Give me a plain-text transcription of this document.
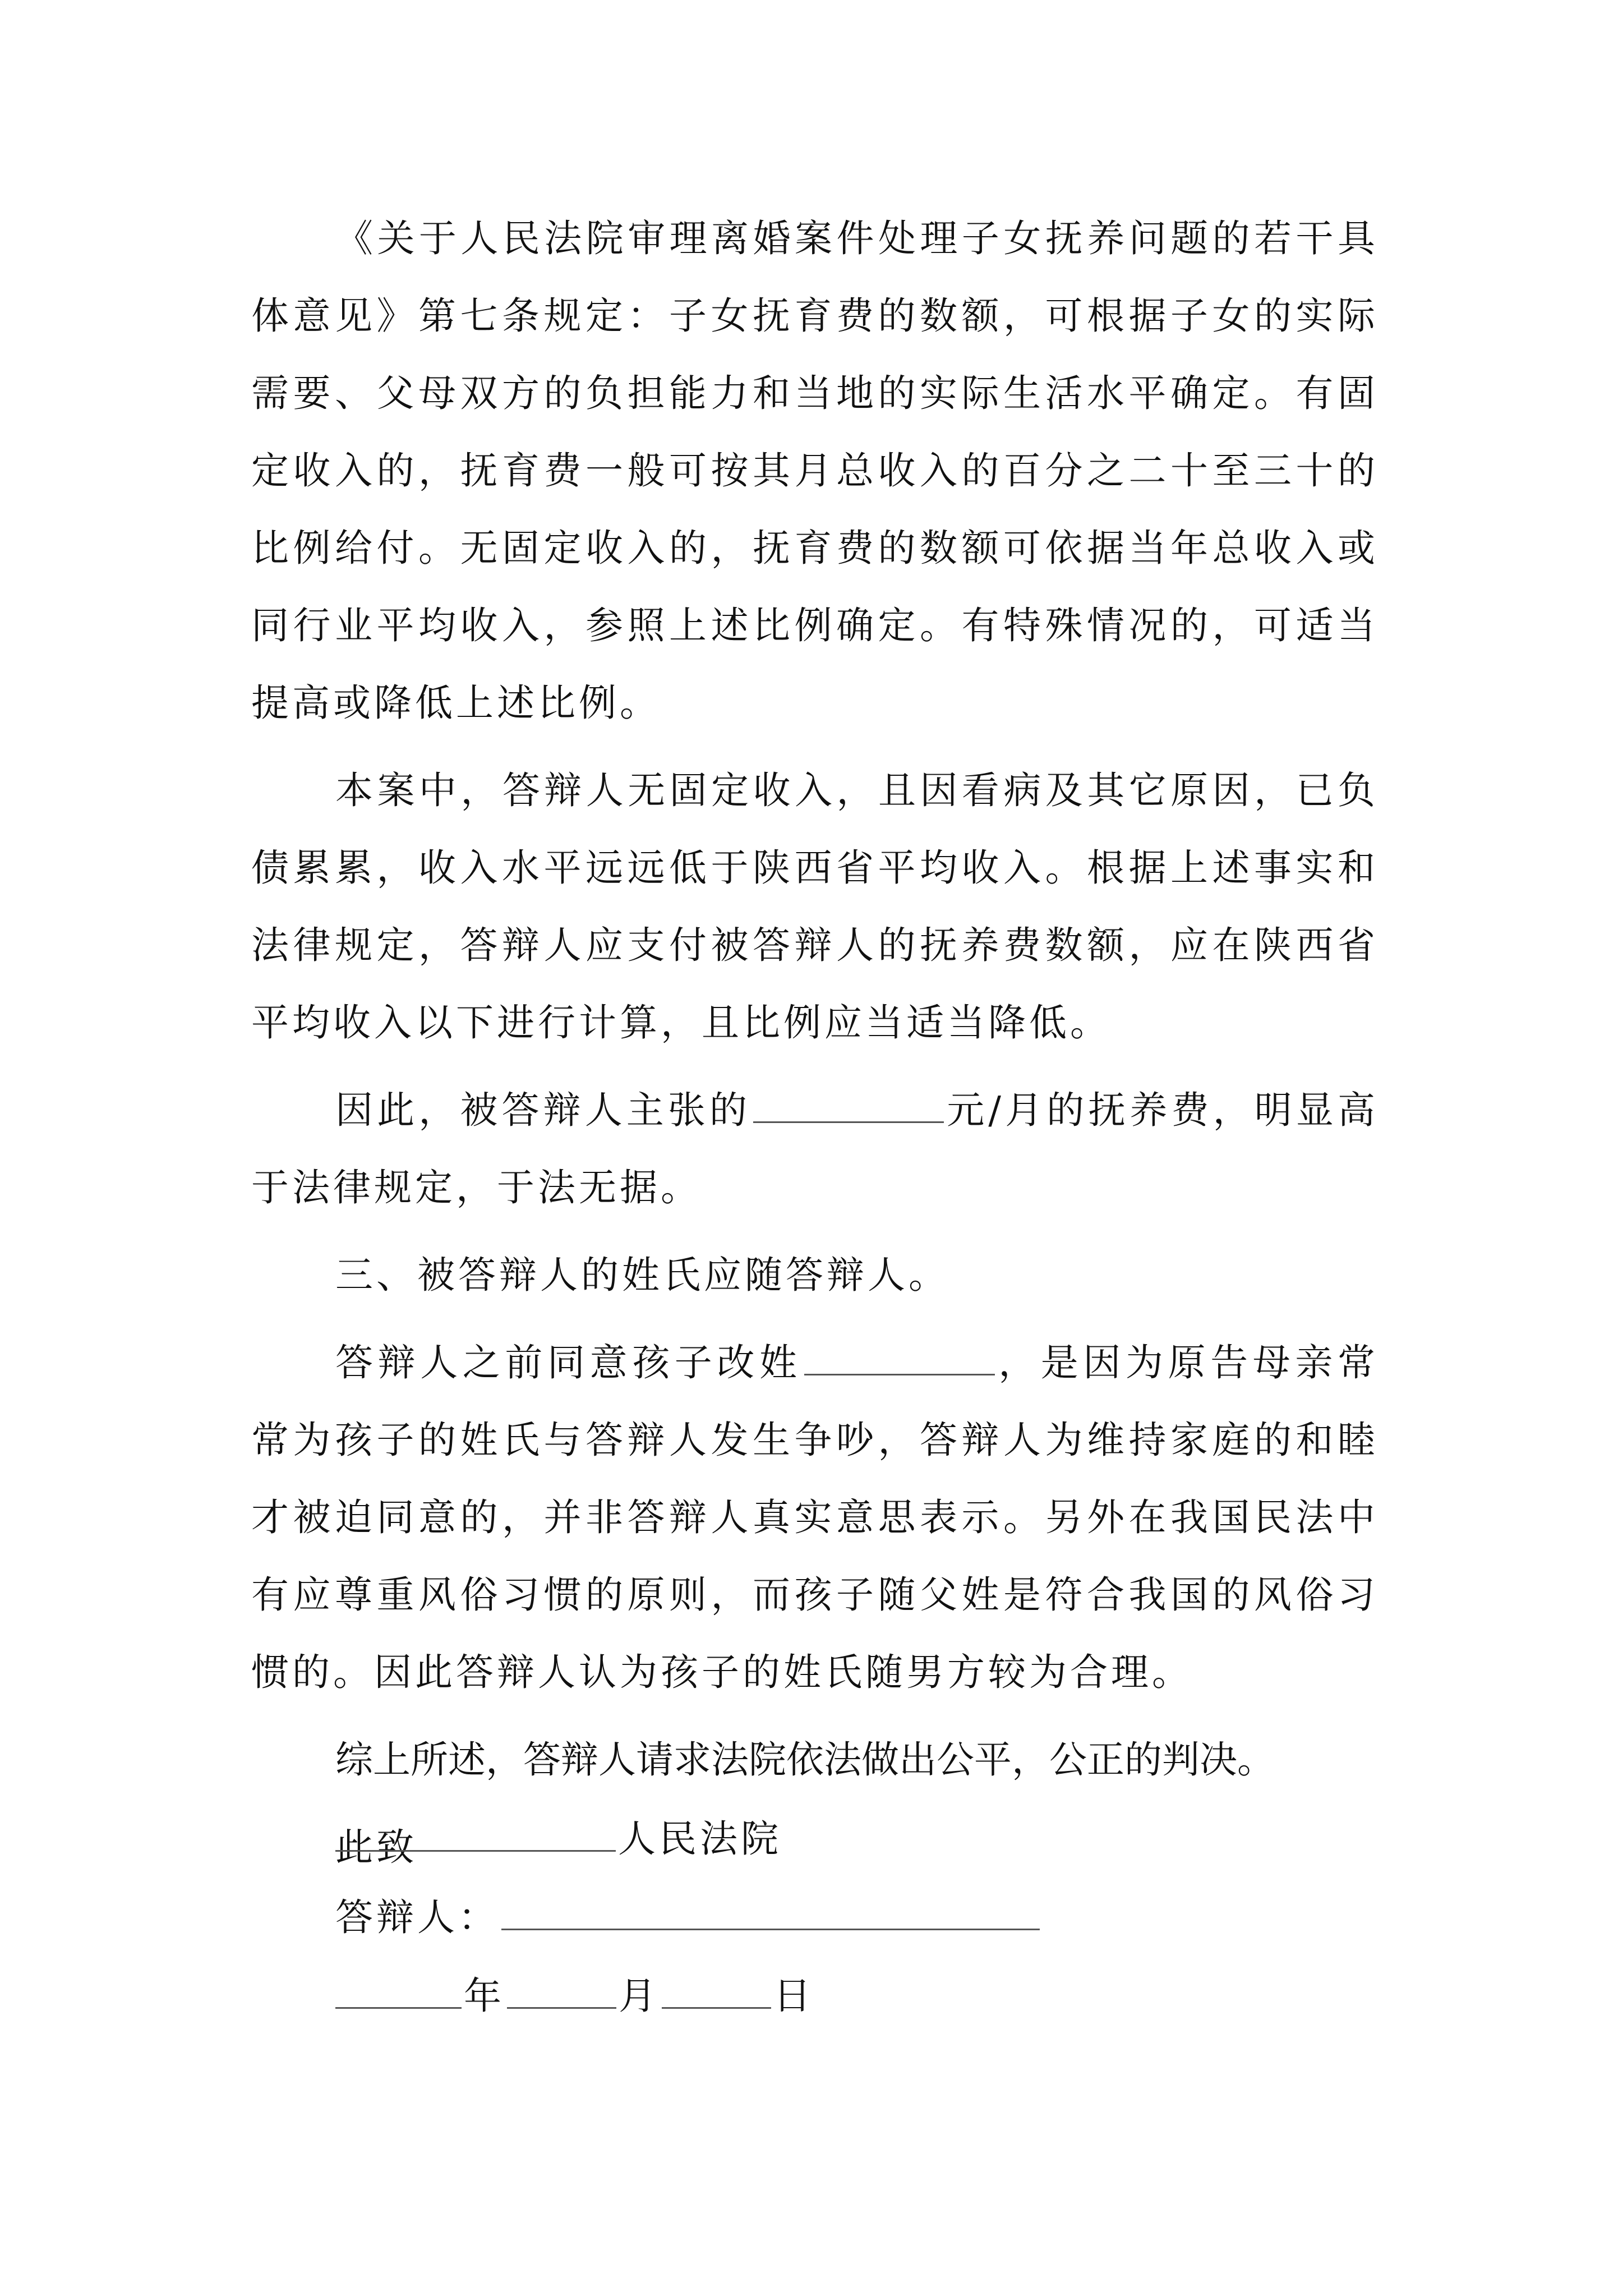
《关于人民法院审理离婚案件处理子女抚养问题的若干具体意见》第七条规定：子女抚育费的数额，可根据子女的实际需要、父母双方的负担能力和当地的实际生活水平确定。有固定收入的，抚育费一般可按其月总收入的百分之二十至三十的比例给付。无固定收入的，抚育费的数额可依据当年总收入或同行业平均收入，参照上述比例确定。有特殊情况的，可适当提高或降低上述比例。

本案中，答辩人无固定收入，且因看病及其它原因，已负债累累，收入水平远远低于陕西省平均收入。根据上述事实和法律规定，答辩人应支付被答辩人的抚养费数额，应在陕西省平均收入以下进行计算，且比例应当适当降低。

因此，被答辩人主张的	元/月的抚养费，明显高于法律规定，于法无据。

三、被答辩人的姓氏应随答辩人。

答辩人之前同意孩子改姓	，是因为原告母亲常常为孩子的姓氏与答辩人发生争吵，答辩人为维持家庭的和睦才被迫同意的，并非答辩人真实意思表示。另外在我国民法中有应尊重风俗习惯的原则，而孩子随父姓是符合我国的风俗习惯的。因此答辩人认为孩子的姓氏随男方较为合理。

综上所述，答辩人请求法院依法做出公平，公正的判决。

此致	人民法院
答辩人：
年	月	日
